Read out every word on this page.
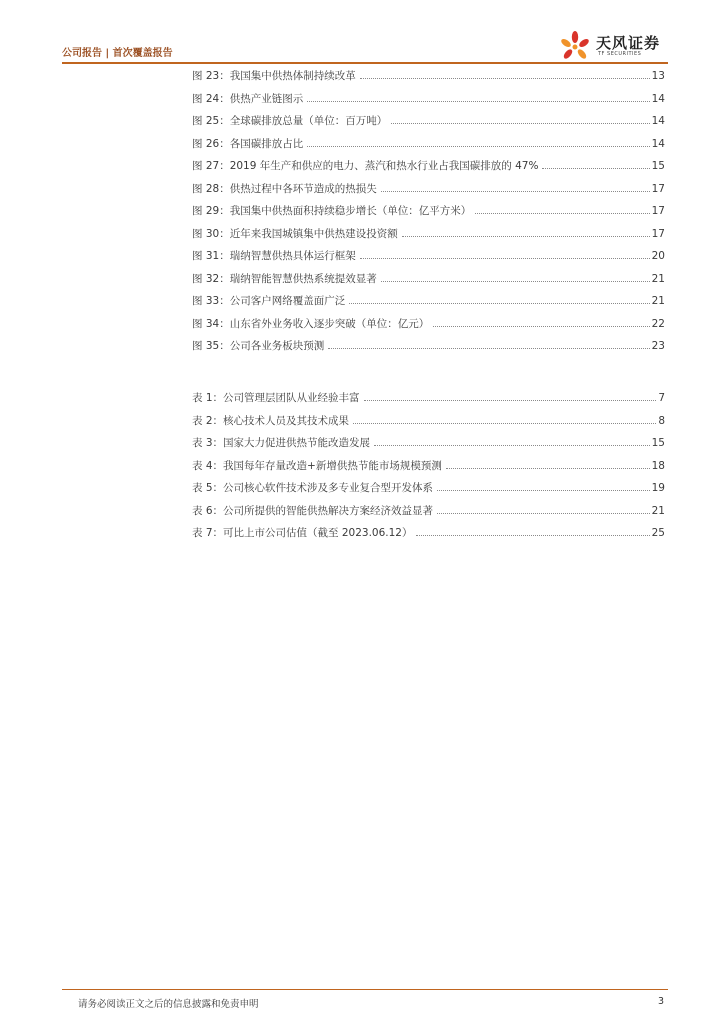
公司报告 | 首次覆盖报告
天风证券
TF SECURITIES
图 23：我国集中供热体制持续改革	13
图 24：供热产业链图示	14
图 25：全球碳排放总量（单位：百万吨）	14
图 26：各国碳排放占比	14
图 27：2019 年生产和供应的电力、蒸汽和热水行业占我国碳排放的 47%	15
图 28：供热过程中各环节造成的热损失	17
图 29：我国集中供热面积持续稳步增长（单位：亿平方米）	17
图 30：近年来我国城镇集中供热建设投资额	17
图 31：瑞纳智慧供热具体运行框架	20
图 32：瑞纳智能智慧供热系统提效显著	21
图 33：公司客户网络覆盖面广泛	21
图 34：山东省外业务收入逐步突破（单位：亿元）	22
图 35：公司各业务板块预测	23
表 1：公司管理层团队从业经验丰富	7
表 2：核心技术人员及其技术成果	8
表 3：国家大力促进供热节能改造发展	15
表 4：我国每年存量改造+新增供热节能市场规模预测	18
表 5：公司核心软件技术涉及多专业复合型开发体系	19
表 6：公司所提供的智能供热解决方案经济效益显著	21
表 7：可比上市公司估值（截至 2023.06.12）	25
请务必阅读正文之后的信息披露和免责申明	3
